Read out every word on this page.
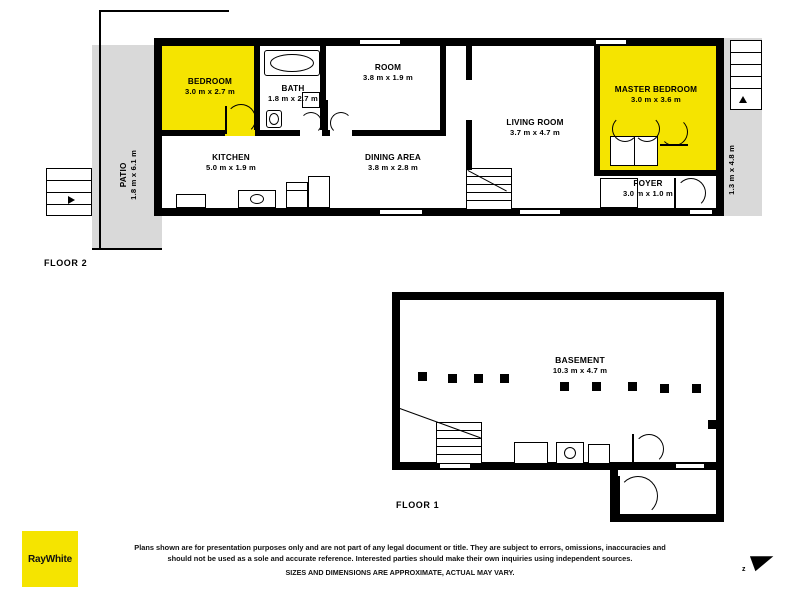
BEDROOM
3.0 m x 2.7 m	BATH
1.8 m x 2.7 m
ROOM
3.8 m x 1.9 m
LIVING ROOM
3.7 m x 4.7 m
MASTER BEDROOM
3.0 m x 3.6 m
KITCHEN
5.0 m x 1.9 m
DINING AREA
3.8 m x 2.8 m
FOYER
3.0 m x 1.0 m
PATIO 1.8 m x 6.1 m	PORCH 1.3 m x 4.8 m
FLOOR 2
BASEMENT
10.3 m x 4.7 m
FLOOR 1
RayWhite
Plans shown are for presentation purposes only and are not part of any legal document or title. They are subject to errors, omissions, inaccuracies and
should not be used as a sole and accurate reference. Interested parties should make their own inquiries using independent sources.
SIZES AND DIMENSIONS ARE APPROXIMATE, ACTUAL MAY VARY.	z
